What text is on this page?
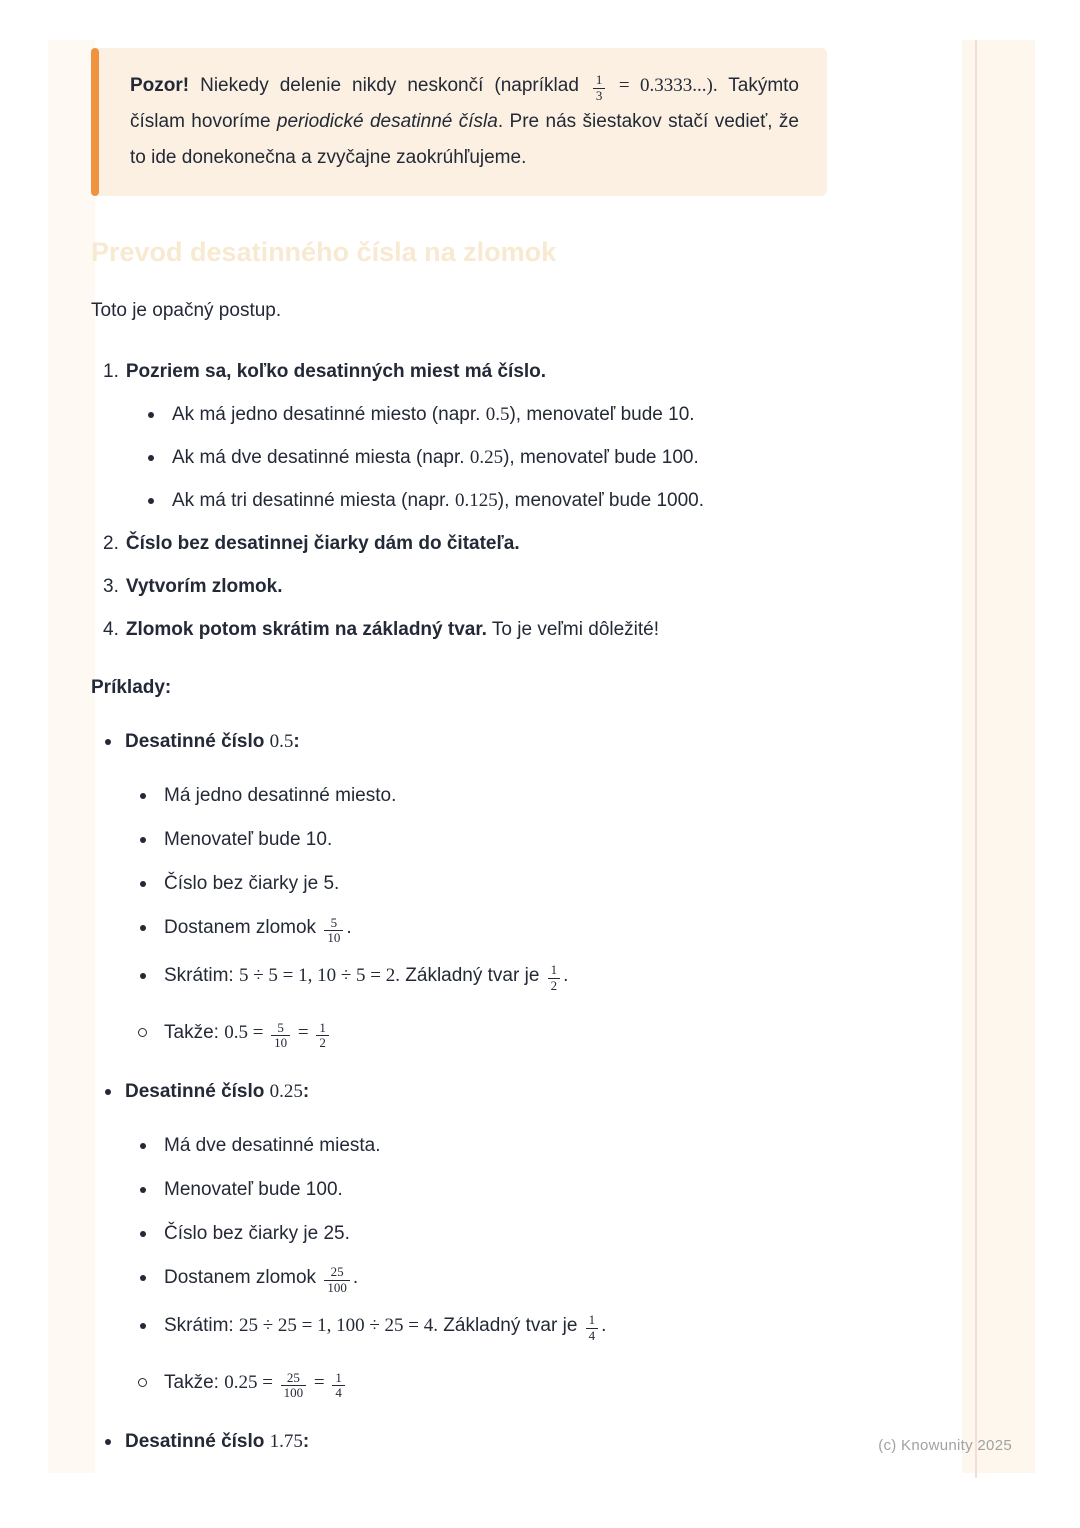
Pozor! Niekedy delenie nikdy neskončí (napríklad $\frac{1}{3} = 0.3333$...). Takýmto číslam hovoríme periodické desatinné čísla. Pre nás šiestakov stačí vedieť, že to ide donekonečna a zvyčajne zaokrúhľujeme.

Prevod desatinného čísla na zlomok

Toto je opačný postup.

1. Pozriem sa, koľko desatinných miest má číslo.
Ak má jedno desatinné miesto (napr. 0.5), menovateľ bude 10.
Ak má dve desatinné miesta (napr. 0.25), menovateľ bude 100.
Ak má tri desatinné miesta (napr. 0.125), menovateľ bude 1000.
2. Číslo bez desatinnej čiarky dám do čitateľa.
3. Vytvorím zlomok.
4. Zlomok potom skrátim na základný tvar. To je veľmi dôležité!

Príklady:

Desatinné číslo 0.5:
Má jedno desatinné miesto.
Menovateľ bude 10.
Číslo bez čiarky je 5.
Dostanem zlomok $\frac{5}{10}$ .
Skrátim: 5 ÷ 5 = 1, 10 ÷ 5 = 2. Základný tvar je $\frac{1}{2}$ .
Takže: $0.5 = \frac{5}{10} = \frac{1}{2}$
Desatinné číslo 0.25:
Má dve desatinné miesta.
Menovateľ bude 100.
Číslo bez čiarky je 25.
Dostanem zlomok $\frac{25}{100}$ .
Skrátim: 25 ÷ 25 = 1, 100 ÷ 25 = 4. Základný tvar je $\frac{1}{4}$ .
Takže: $0.25 = \frac{25}{100} = \frac{1}{4}$
Desatinné číslo 1.75:	(c) Knowunity 2025
